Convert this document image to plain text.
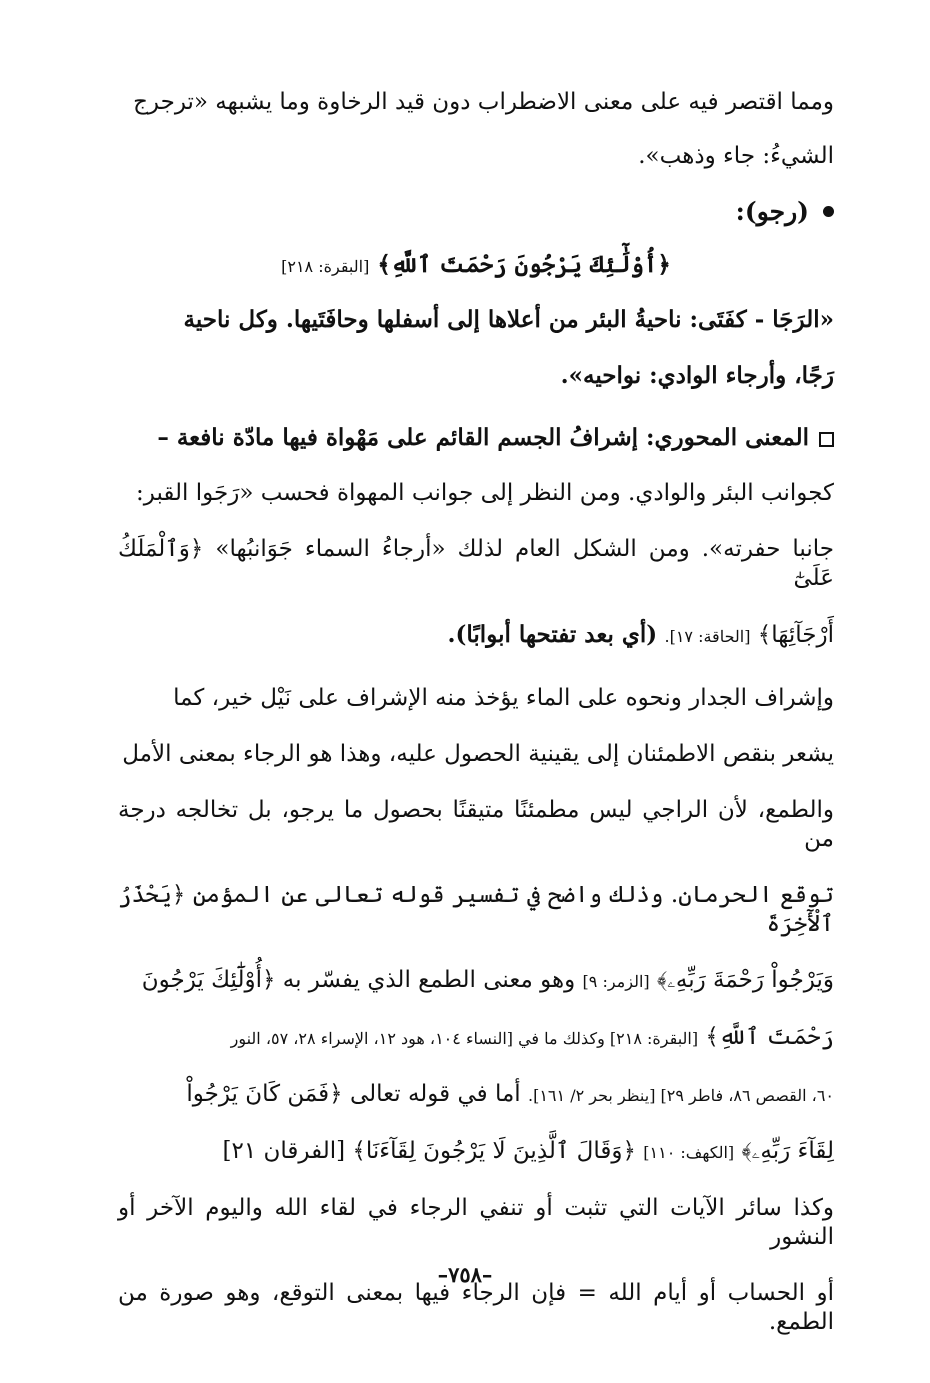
ومما اقتصر فيه على معنى الاضطراب دون قيد الرخاوة وما يشبهه «ترجرج

الشيءُ: جاء وذهب».

(رجو):

﴿أُوْلَٰٓئِكَ يَرْجُونَ رَحْمَتَ ٱللَّهِ﴾ [البقرة: ٢١٨]

«الرَجَا - كفَتَى: ناحيةُ البئر من أعلاها إلى أسفلها وحافَتَيها. وكل ناحية

رَجًا، وأرجاء الوادي: نواحيه».

المعنى المحوري: إشرافُ الجسم القائم على مَهْواة فيها مادّة نافعة –

كجوانب البئر والوادي. ومن النظر إلى جوانب المهواة فحسب «رَجَوا القبر:

جانبا حفرته». ومن الشكل العام لذلك «أرجاءُ السماء جَوَانبُها» ﴿وَٱلْمَلَكُ عَلَىٰٓ

أَرْجَآئِهَا﴾ [الحاقة: ١٧]. (أي بعد تفتحها أبوابًا).

وإشراف الجدار ونحوه على الماء يؤخذ منه الإشراف على نَيْل خير، كما

يشعر بنقص الاطمئنان إلى يقينية الحصول عليه، وهذا هو الرجاء بمعنى الأمل

والطمع، لأن الراجي ليس مطمئنًا متيقنًا بحصول ما يرجو، بل تخالجه درجة من

توقع الحرمان. وذلك واضح في تفسير قوله تعالى عن المؤمن ﴿يَحْذَرُ ٱلْأٓخِرَةَ

وَيَرْجُواْ رَحْمَةَ رَبِّهِۦ﴾ [الزمر: ٩] وهو معنى الطمع الذي يفسّر به ﴿أُوْلَٰٓئِكَ يَرْجُونَ

رَحْمَتَ ٱللَّهِ﴾ [البقرة: ٢١٨] وكذلك ما في [النساء ١٠٤، هود ١٢، الإسراء ٢٨، ٥٧، النور

٦٠، القصص ٨٦، فاطر ٢٩] [ينظر بحر ٢/ ١٦١]. أما في قوله تعالى ﴿فَمَن كَانَ يَرْجُواْ

لِقَآءَ رَبِّهِۦ﴾ [الكهف: ١١٠] ﴿وَقَالَ ٱلَّذِينَ لَا يَرْجُونَ لِقَآءَنَا﴾ [الفرقان ٢١]

وكذا سائر الآيات التي تثبت أو تنفي الرجاء في لقاء الله واليوم الآخر أو النشور

أو الحساب أو أيام الله = فإن الرجاء فيها بمعنى التوقع، وهو صورة من الطمع.

–٧٥٨–
